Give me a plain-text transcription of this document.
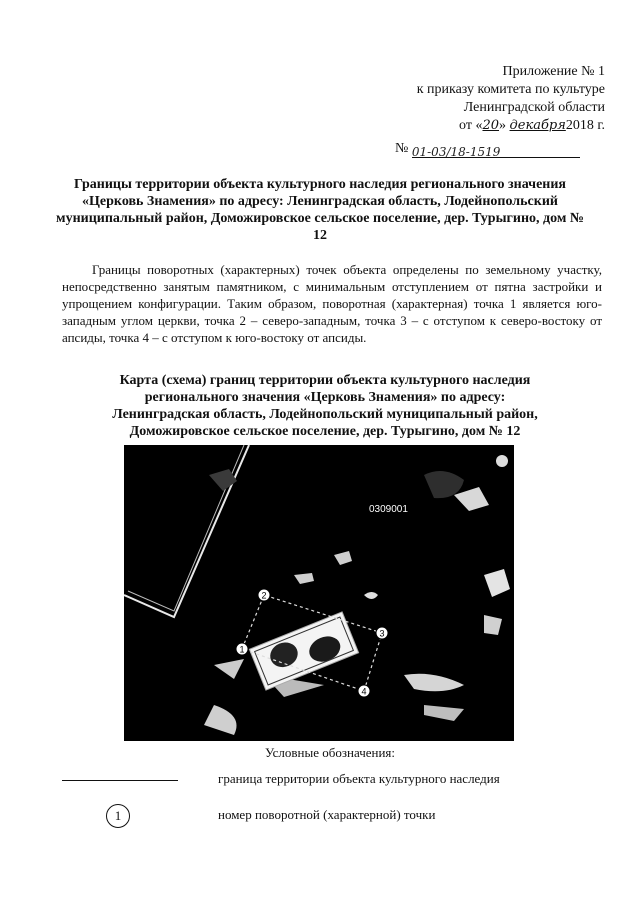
Приложение № 1
к приказу комитета по культуре
Ленинградской области
от «20» декабря2018 г.
№ 01-03/18-1519
Границы территории объекта культурного наследия регионального значения «Церковь Знамения» по адресу: Ленинградская область, Лодейнопольский муниципальный район, Доможировское сельское поселение, дер. Турыгино, дом № 12
Границы поворотных (характерных) точек объекта определены по земельному участку, непосредственно занятым памятником, с минимальным отступлением от пятна застройки и упрощением конфигурации. Таким образом, поворотная (характерная) точка 1 является юго-западным углом церкви, точка 2 – северо-западным, точка 3 – с отступом к северо-востоку от апсиды, точка 4 – с отступом к юго-востоку от апсиды.
Карта (схема) границ территории объекта культурного наследия регионального значения «Церковь Знамения» по адресу: Ленинградская область, Лодейнопольский муниципальный район, Доможировское сельское поселение, дер. Турыгино, дом № 12
0309001
1
2
3
4
Условные обозначения:
граница территории объекта культурного наследия
1	номер поворотной (характерной) точки
